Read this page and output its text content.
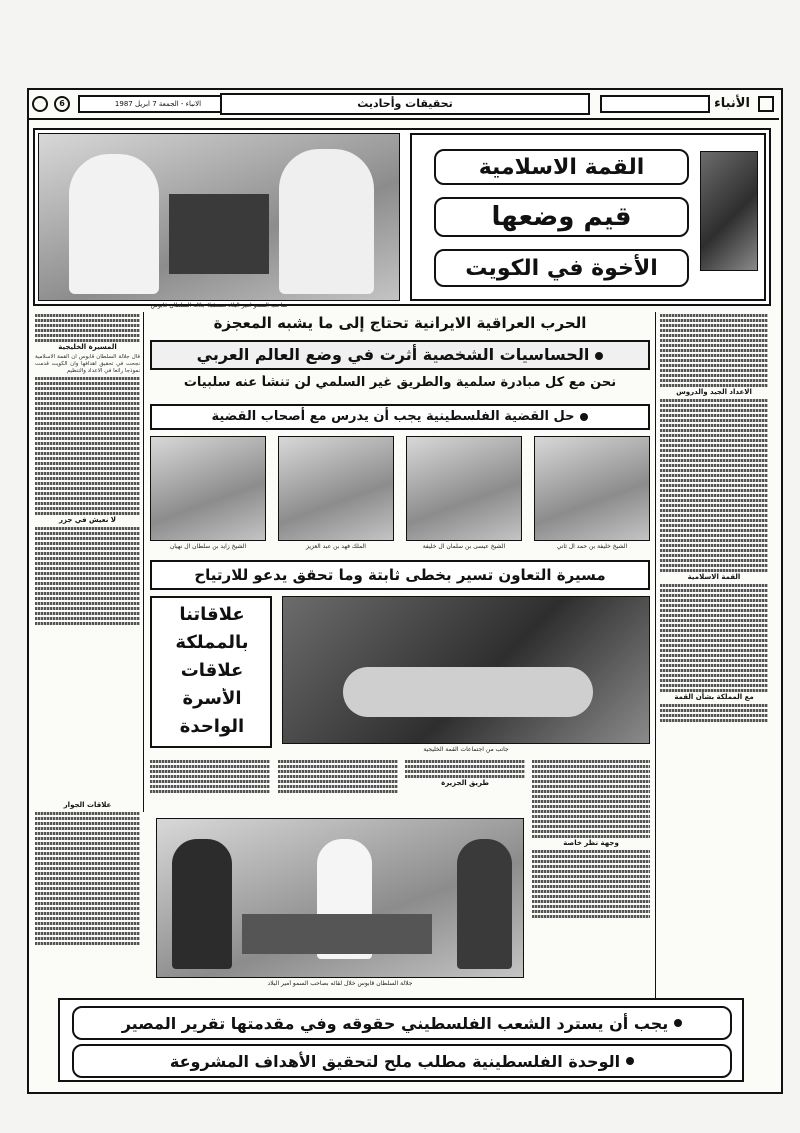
6	الانباء - الجمعة 7 ابريل 1987	تحقيقات وأحاديث	الأنباء
صاحب السمو امير البلاد مستقبلا جلالة السلطان قابوس
القمة الاسلامية
قيم وضعها
الأخوة في الكويت
المسيرة الخليجية
قال جلالة السلطان قابوس ان القمة الاسلامية نجحت في تحقيق اهدافها وان الكويت قدمت نموذجا رائعا في الاعداد والتنظيم
لا نعيش في جزر
الاعداد الجيد والدروس
القمة الاسلامية
مع المملكة بشأن القمة
الحرب العراقية الايرانية تحتاج إلى ما يشبه المعجزة
الحساسيات الشخصية أثرت في وضع العالم العربي
نحن مع كل مبادرة سلمية والطريق غير السلمي لن تنشأ عنه سلبيات
حل القضية الفلسطينية يجب أن يدرس مع أصحاب القضية
الشيخ زايد بن سلطان آل نهيان	الملك فهد بن عبد العزيز	الشيخ عيسى بن سلمان آل خليفة	الشيخ خليفة بن حمد آل ثاني
مسيرة التعاون تسير بخطى ثابتة وما تحقق يدعو للارتياح
علاقاتنا
بالمملكة
علاقات
الأسرة
الواحدة
جانب من اجتماعات القمة الخليجية
طريق الجزيرة
وجهة نظر خاصة
علاقات الجوار
جلالة السلطان قابوس خلال لقائه بصاحب السمو أمير البلاد
يجب أن يسترد الشعب الفلسطيني حقوقه وفي مقدمتها تقرير المصير
الوحدة الفلسطينية مطلب ملح لتحقيق الأهداف المشروعة
